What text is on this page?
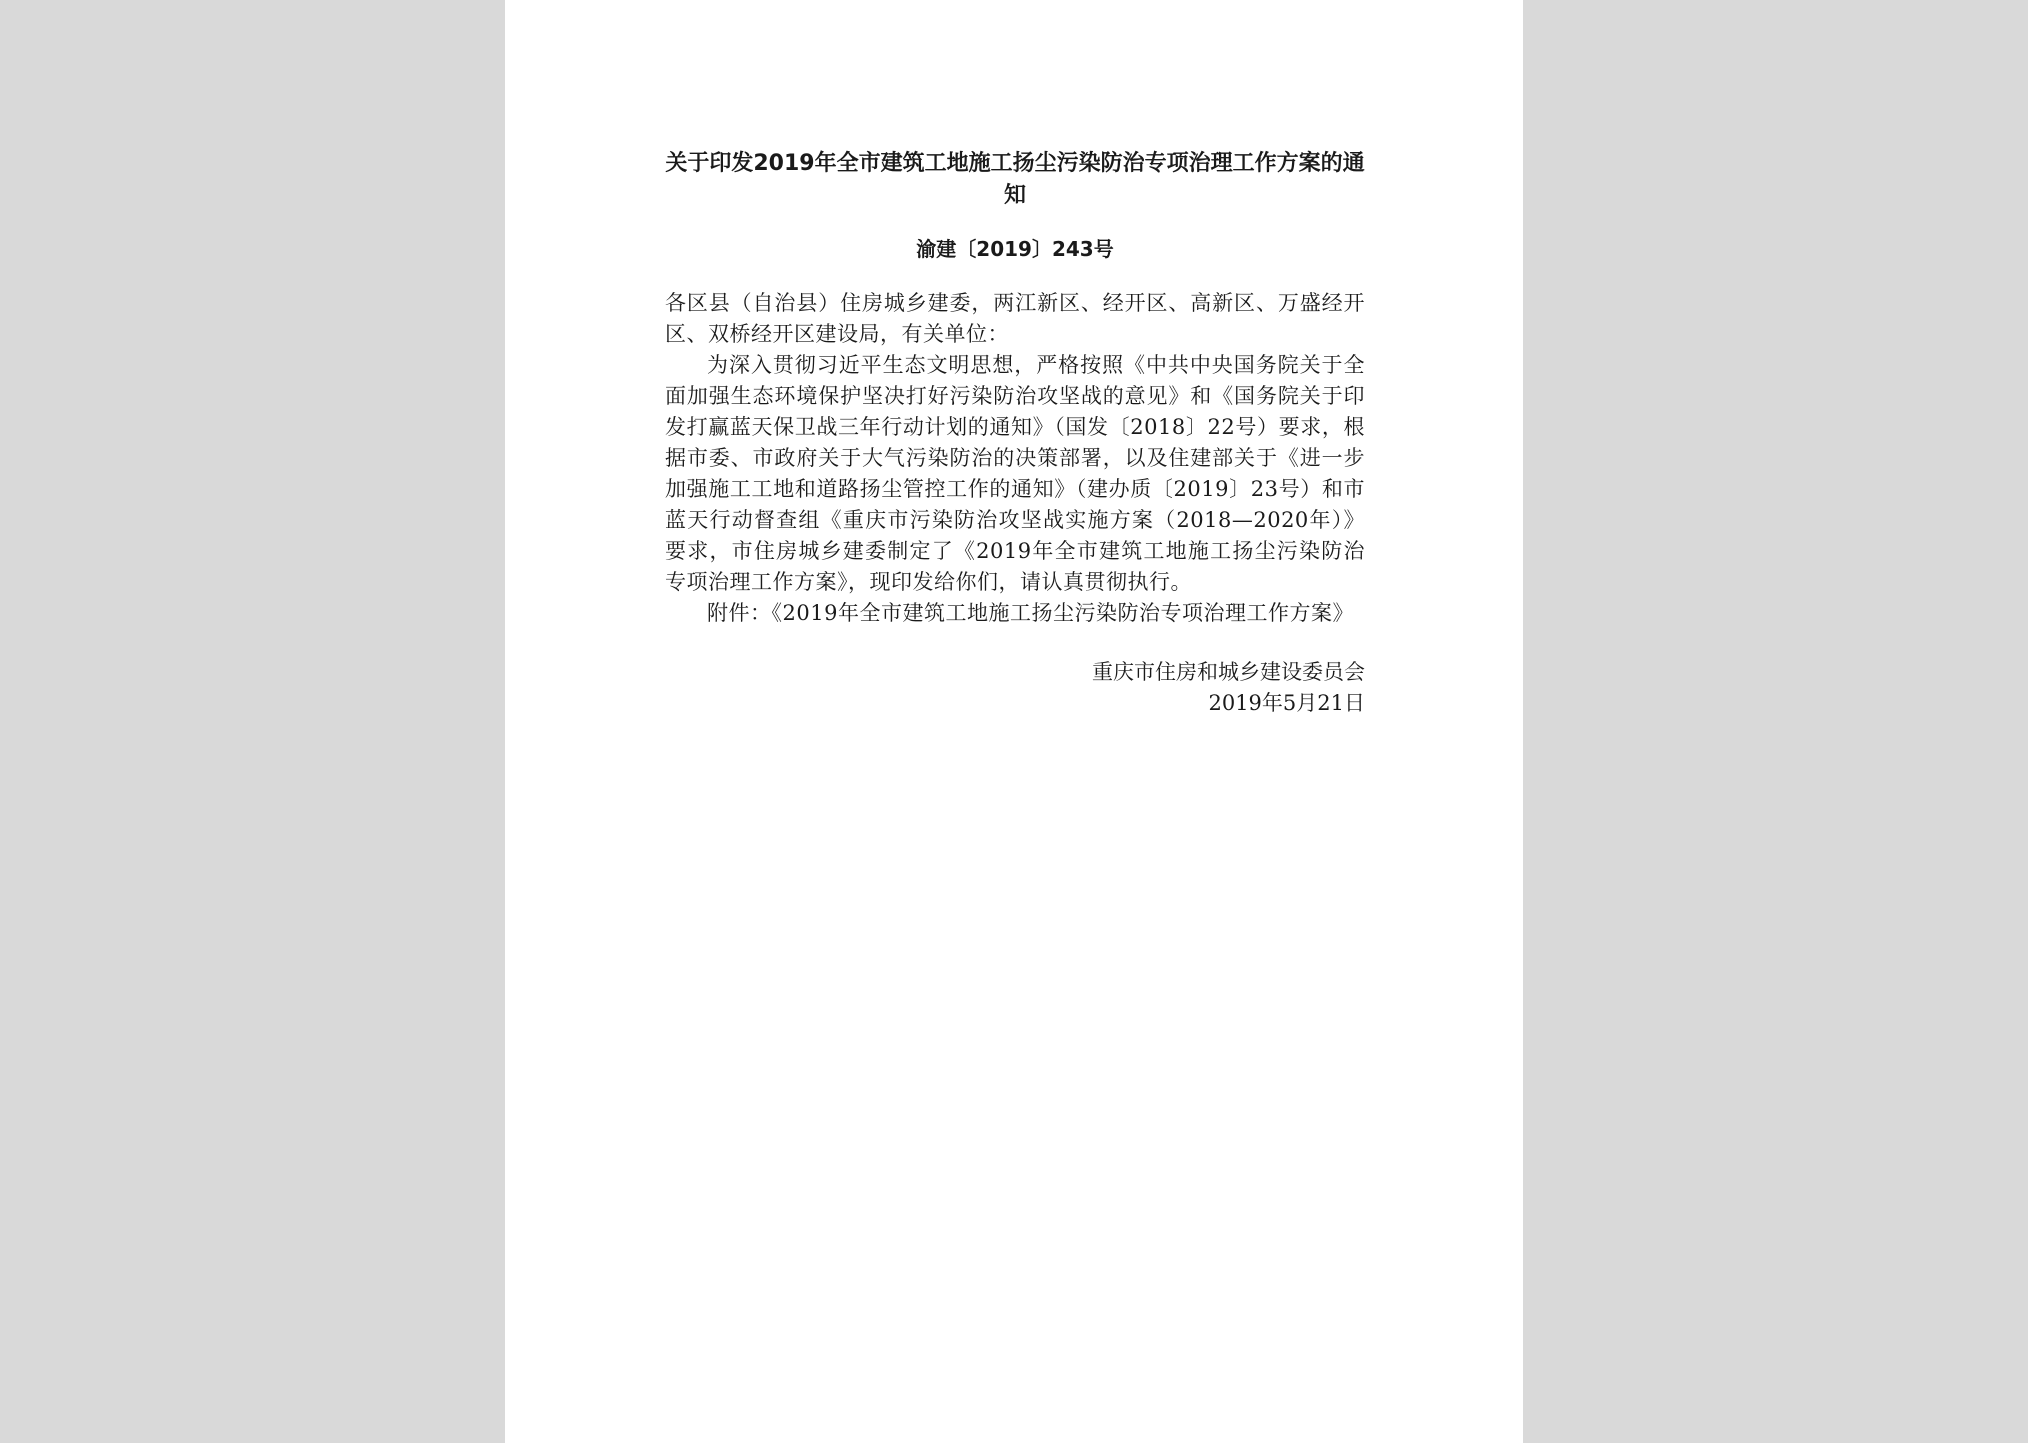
关于印发2019年全市建筑工地施工扬尘污染防治专项治理工作方案的通知
渝建〔2019〕243号

各区县（自治县）住房城乡建委，两江新区、经开区、高新区、万盛经开区、双桥经开区建设局，有关单位：

为深入贯彻习近平生态文明思想，严格按照《中共中央国务院关于全面加强生态环境保护坚决打好污染防治攻坚战的意见》和《国务院关于印发打赢蓝天保卫战三年行动计划的通知》（国发〔2018〕22号）要求，根据市委、市政府关于大气污染防治的决策部署，以及住建部关于《进一步加强施工工地和道路扬尘管控工作的通知》（建办质〔2019〕23号）和市蓝天行动督查组《重庆市污染防治攻坚战实施方案（2018—2020年）》要求，市住房城乡建委制定了《2019年全市建筑工地施工扬尘污染防治专项治理工作方案》，现印发给你们，请认真贯彻执行。

附件：《2019年全市建筑工地施工扬尘污染防治专项治理工作方案》

重庆市住房和城乡建设委员会
2019年5月21日
